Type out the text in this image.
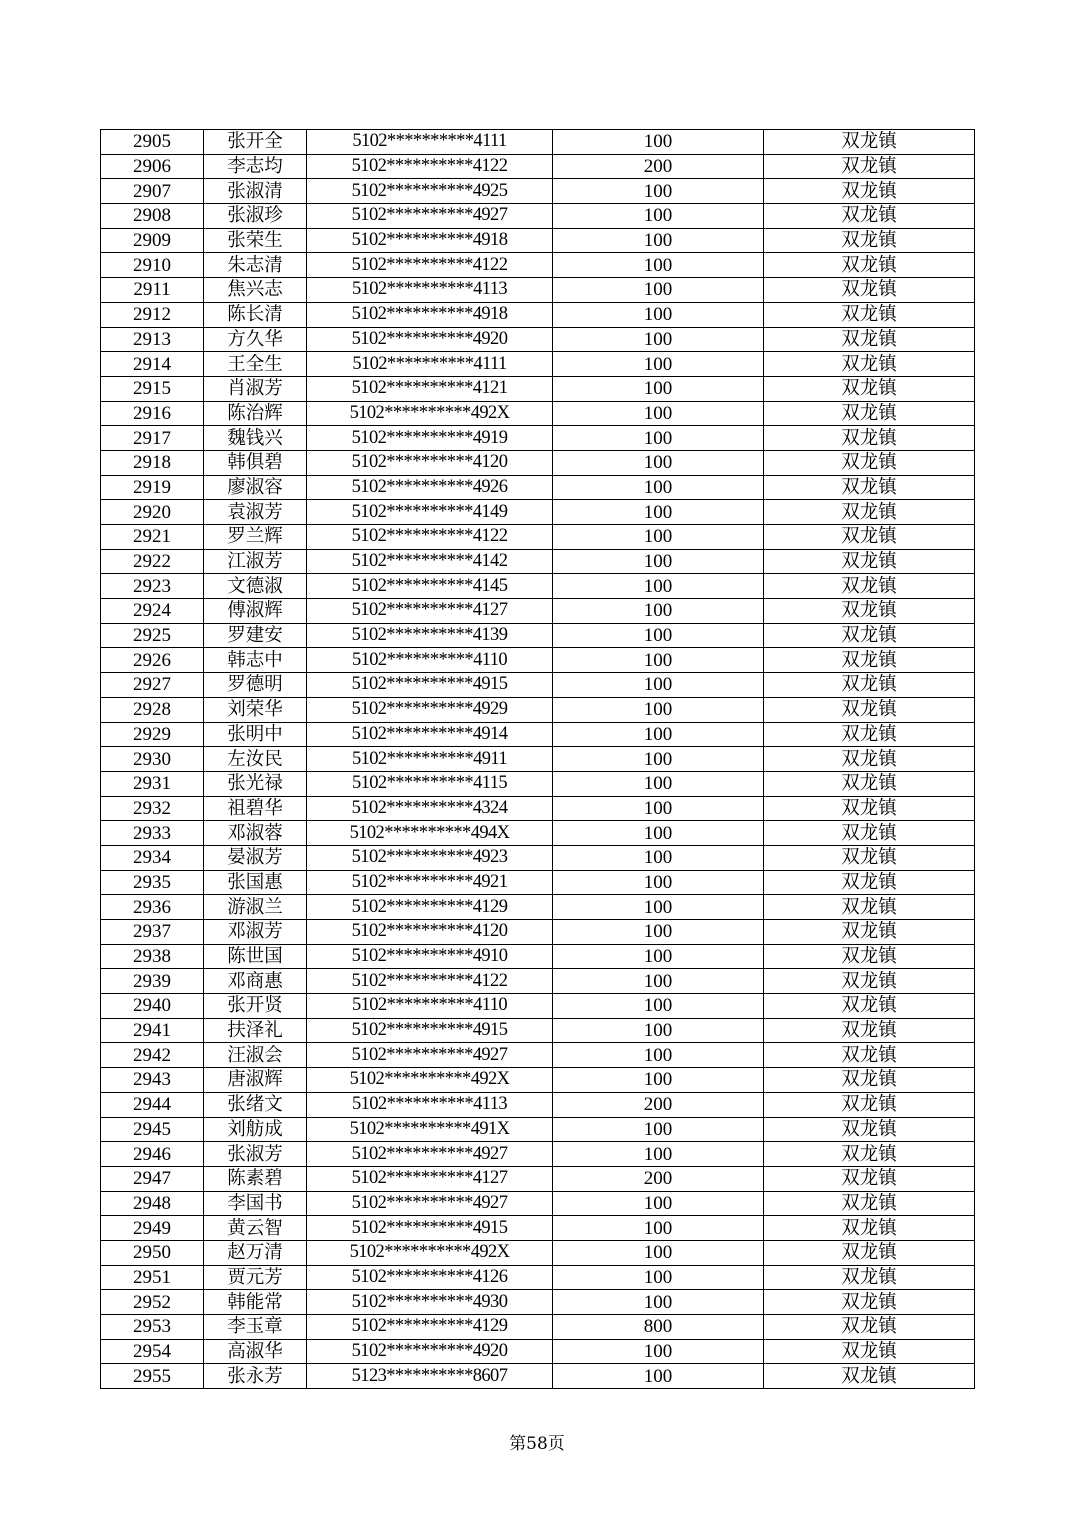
2905	张开全	5102**********4111	100	双龙镇
2906	李志均	5102**********4122	200	双龙镇
2907	张淑清	5102**********4925	100	双龙镇
2908	张淑珍	5102**********4927	100	双龙镇
2909	张荣生	5102**********4918	100	双龙镇
2910	朱志清	5102**********4122	100	双龙镇
2911	焦兴志	5102**********4113	100	双龙镇
2912	陈长清	5102**********4918	100	双龙镇
2913	方久华	5102**********4920	100	双龙镇
2914	王全生	5102**********4111	100	双龙镇
2915	肖淑芳	5102**********4121	100	双龙镇
2916	陈治辉	5102**********492X	100	双龙镇
2917	魏钱兴	5102**********4919	100	双龙镇
2918	韩俱碧	5102**********4120	100	双龙镇
2919	廖淑容	5102**********4926	100	双龙镇
2920	袁淑芳	5102**********4149	100	双龙镇
2921	罗兰辉	5102**********4122	100	双龙镇
2922	江淑芳	5102**********4142	100	双龙镇
2923	文德淑	5102**********4145	100	双龙镇
2924	傅淑辉	5102**********4127	100	双龙镇
2925	罗建安	5102**********4139	100	双龙镇
2926	韩志中	5102**********4110	100	双龙镇
2927	罗德明	5102**********4915	100	双龙镇
2928	刘荣华	5102**********4929	100	双龙镇
2929	张明中	5102**********4914	100	双龙镇
2930	左汝民	5102**********4911	100	双龙镇
2931	张光禄	5102**********4115	100	双龙镇
2932	祖碧华	5102**********4324	100	双龙镇
2933	邓淑蓉	5102**********494X	100	双龙镇
2934	晏淑芳	5102**********4923	100	双龙镇
2935	张国惠	5102**********4921	100	双龙镇
2936	游淑兰	5102**********4129	100	双龙镇
2937	邓淑芳	5102**********4120	100	双龙镇
2938	陈世国	5102**********4910	100	双龙镇
2939	邓商惠	5102**********4122	100	双龙镇
2940	张开贤	5102**********4110	100	双龙镇
2941	扶泽礼	5102**********4915	100	双龙镇
2942	汪淑会	5102**********4927	100	双龙镇
2943	唐淑辉	5102**********492X	100	双龙镇
2944	张绪文	5102**********4113	200	双龙镇
2945	刘舫成	5102**********491X	100	双龙镇
2946	张淑芳	5102**********4927	100	双龙镇
2947	陈素碧	5102**********4127	200	双龙镇
2948	李国书	5102**********4927	100	双龙镇
2949	黄云智	5102**********4915	100	双龙镇
2950	赵万清	5102**********492X	100	双龙镇
2951	贾元芳	5102**********4126	100	双龙镇
2952	韩能常	5102**********4930	100	双龙镇
2953	李玉章	5102**********4129	800	双龙镇
2954	高淑华	5102**********4920	100	双龙镇
2955	张永芳	5123**********8607	100	双龙镇
第58页
